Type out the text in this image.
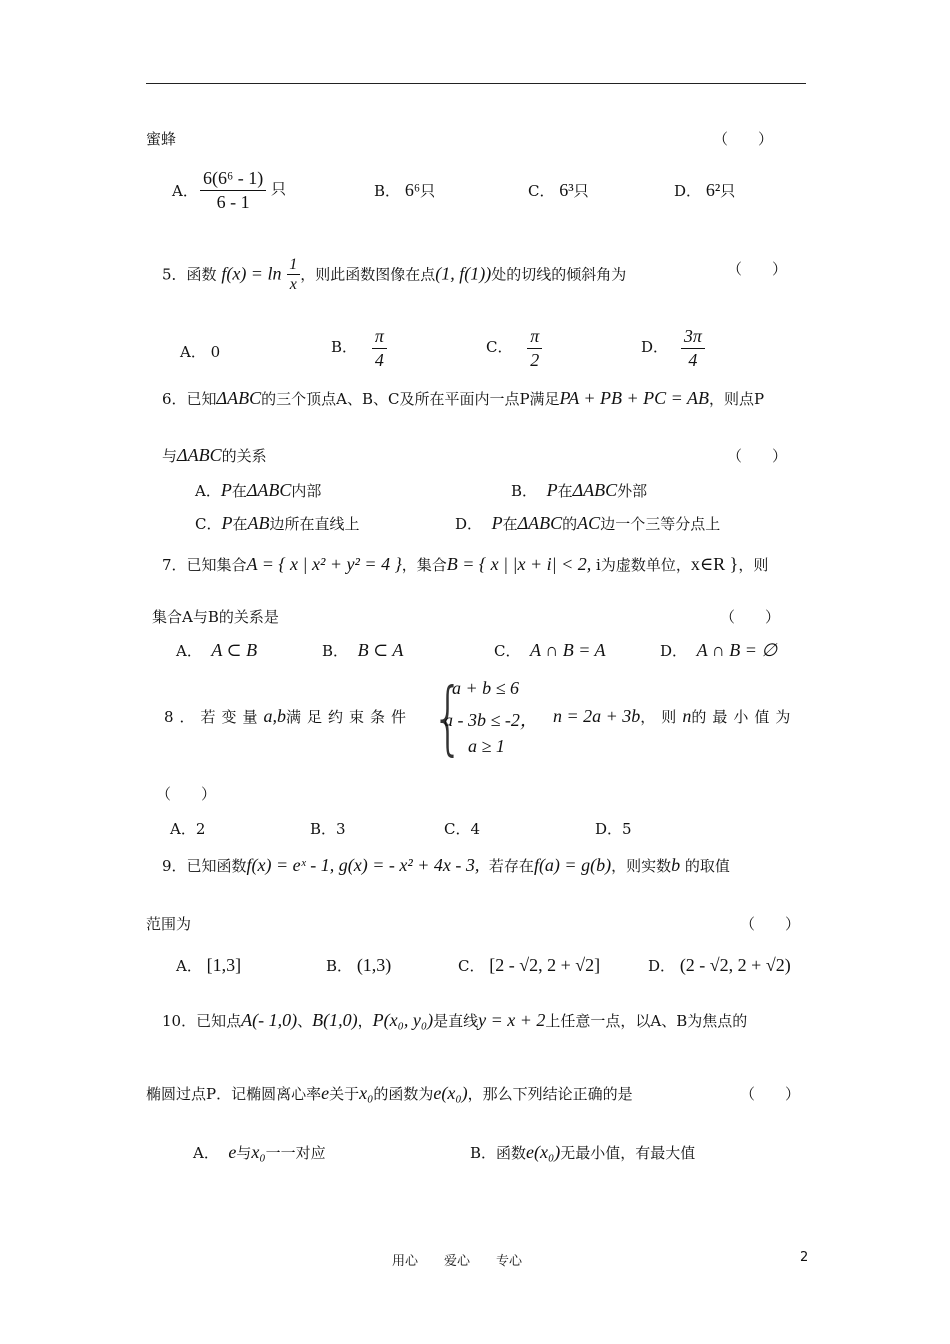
蜜蜂	（　　）
A． $\frac{\text{6(6⁶ - 1)}}{6 - 1}$ 只	B． 6⁶只	C． 6³只	D． 6²只
5．函数 $f(x) = \ln \frac{1}{x}$ ，则此函数图像在点(1, f(1))处的切线的倾斜角为	（　　）
A． 0	B． $\frac{\pi}{4}$	C． $\frac{\pi}{2}$	D． $\frac{3\pi}{4}$
6．已知ΔABC的三个顶点A、B、C及所在平面内一点P满足PA + PB + PC = AB，则点P
与ΔABC的关系	（　　）
A．P在ΔABC内部	B． P在ΔABC外部
C．P在AB边所在直线上	D． P在ΔABC的AC边一个三等分点上
7．已知集合A = { x | x² + y² = 4 }，集合B = { x | |x + i| < 2, i为虚数单位，x∈R }，则
集合A与B的关系是	（　　）
A． A ⊂ B	B． B ⊂ A	C． A ∩ B = A	D． A ∩ B = ∅
8．若变量a,b满足约束条件 {
a + b ≤ 6
a - 3b ≤ -2，
a ≥ 1
n = 2a + 3b，则n的最小值为
（　　）
A．2	B．3	C．4	D．5
9．已知函数f(x) = eˣ - 1, g(x) = - x² + 4x - 3, 若存在f(a) = g(b)，则实数b 的取值
范围为	（　　）
A． [1,3]	B． (1,3)	C． [2 - √2, 2 + √2]	D． (2 - √2, 2 + √2)
10．已知点A(- 1,0)、B(1,0)，P(x₀, y₀)是直线y = x + 2上任意一点，以A、B为焦点的
椭圆过点P．记椭圆离心率e关于x₀的函数为e(x₀)，那么下列结论正确的是	（　　）
A． e与x₀一一对应	B．函数e(x₀)无最小值，有最大值
用心　　爱心　　专心	2
